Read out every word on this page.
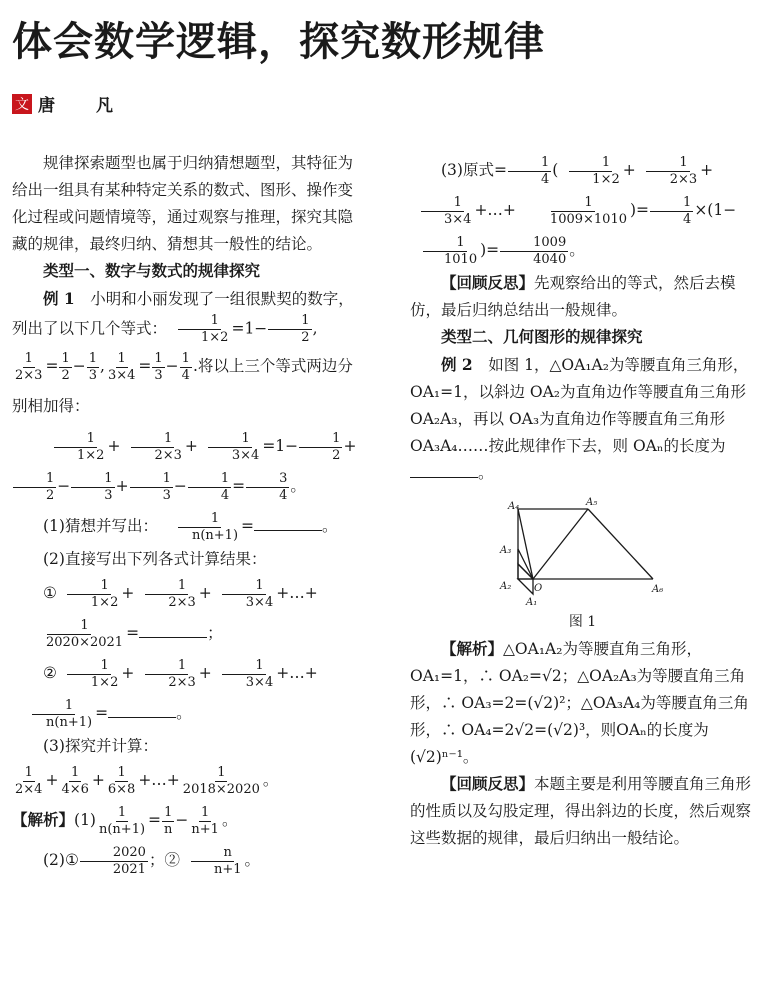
体会数学逻辑，探究数形规律
文 唐　凡

规律探索题型也属于归纳猜想题型，其特征为给出一组具有某种特定关系的数式、图形、操作变化过程或问题情境等，通过观察与推理，探究其隐藏的规律，最终归纳、猜想其一般性的结论。

类型一、数字与数式的规律探究

例 1　 小明和小丽发现了一组很默契的数字，列出了以下几个等式： $\frac{1}{1\times 2} =1- \frac{1}{2}$ ,

$\frac{1}{2\times 3} = \frac{1}{2} - \frac{1}{3}$ , $\frac{1}{3\times 4} = \frac{1}{3} - \frac{1}{4}$ .将以上三个等式两边分别相加得：

$\frac{1}{1\times 2} + \frac{1}{2\times 3} + \frac{1}{3\times 4} =1- \frac{1}{2}$ +
$\frac{1}{2} - \frac{1}{3} + \frac{1}{3} - \frac{1}{4} = \frac{3}{4}$ 。

(1)猜想并写出： $\frac{1}{n(n+1)}$ =	。

(2)直接写出下列各式计算结果：

① $\frac{1}{1\times 2} + \frac{1}{2\times 3} + \frac{1}{3\times 4}$ +…+
$\frac{1}{2020\times 2021}$ =	；

② $\frac{1}{1\times 2} + \frac{1}{2\times 3} + \frac{1}{3\times 4}$ +…+
$\frac{1}{n(n+1)}$ =	。

(3)探究并计算：

$\frac{1}{2\times 4} + \frac{1}{4\times 6} + \frac{1}{6\times 8}$ +…+ $\frac{1}{2018\times 2020}$ 。

【解析】$(1) \frac{1}{n(n+1)} = \frac{1}{n} - \frac{1}{n+1}$ 。

(2)① $\frac{2020}{2021}$ ；② $\frac{n}{n+1}$ 。

(3)原式= $\frac{1}{4}$ ( $\frac{1}{1\times 2} + \frac{1}{2\times 3}$ +
$\frac{1}{3\times 4}$ +…+ $\frac{1}{1009\times 1010}$ )= $\frac{1}{4} \times(1-$
$\frac{1}{1010}$ )= $\frac{1009}{4040}$ 。

【回顾反思】先观察给出的等式，然后去模仿，最后归纳总结出一般规律。

类型二、几何图形的规律探究

例 2　 如图 1，△OA₁A₂为等腰直角三角形，OA₁=1，以斜边 OA₂为直角边作等腰直角三角形 OA₂A₃，再以 OA₃为直角边作等腰直角三角形 OA₃A₄……按此规律作下去，则 OAₙ的长度为。

A₄	A₅
A₃
A₂ O
A₁
A₆
图 1

【解析】△OA₁A₂为等腰直角三角形，OA₁=1，∴ OA₂=√2；△OA₂A₃为等腰直角三角形，∴ OA₃=2=(√2)²；△OA₃A₄为等腰直角三角形，∴ OA₄=2√2=(√2)³，则OAₙ的长度为(√2)ⁿ⁻¹。

【回顾反思】本题主要是利用等腰直角三角形的性质以及勾股定理，得出斜边的长度，然后观察这些数据的规律，最后归纳出一般结论。
